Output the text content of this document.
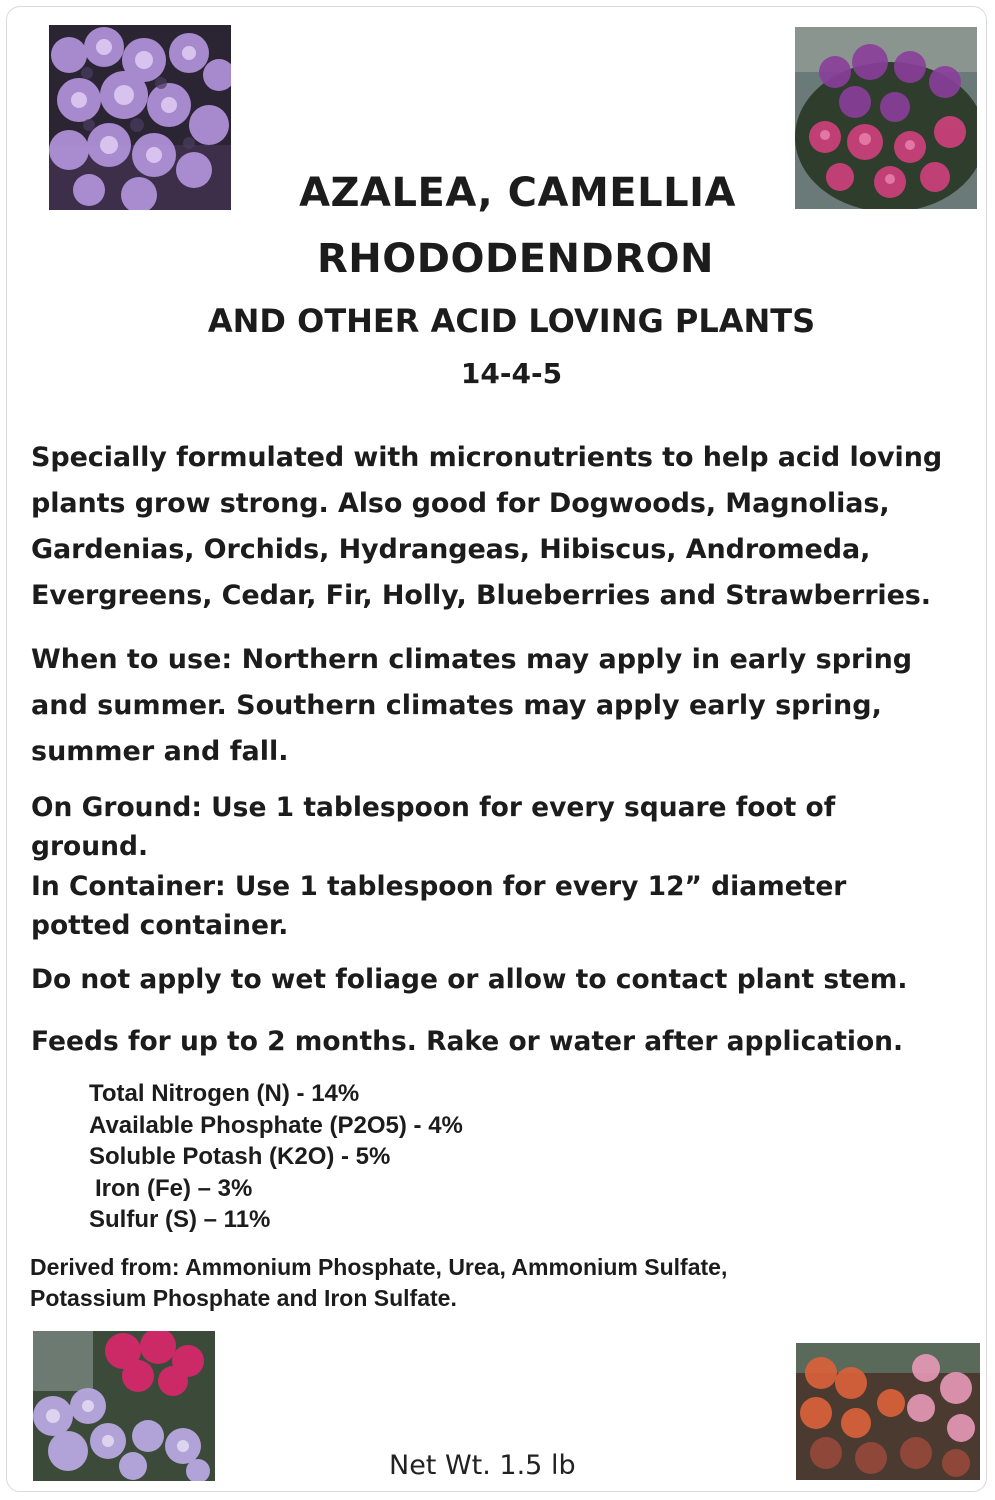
AZALEA, CAMELLIA
RHODODENDRON
AND OTHER ACID LOVING PLANTS
14-4-5

Specially formulated with micronutrients to help acid loving
plants grow strong. Also good for Dogwoods, Magnolias,
Gardenias, Orchids, Hydrangeas, Hibiscus, Andromeda,
Evergreens, Cedar, Fir, Holly, Blueberries and Strawberries.

When to use: Northern climates may apply in early spring
and summer. Southern climates may apply early spring,
summer and fall.

On Ground: Use 1 tablespoon for every square foot of
ground.

In Container: Use 1 tablespoon for every 12” diameter
potted container.

Do not apply to wet foliage or allow to contact plant stem.

Feeds for up to 2 months. Rake or water after application.

Total Nitrogen (N) - 14%
Available Phosphate (P2O5) - 4%
Soluble Potash (K2O) - 5%
Iron (Fe) – 3%
Sulfur (S) – 11%
Derived from: Ammonium Phosphate, Urea, Ammonium Sulfate,
Potassium Phosphate and Iron Sulfate.
Net Wt. 1.5 lb
